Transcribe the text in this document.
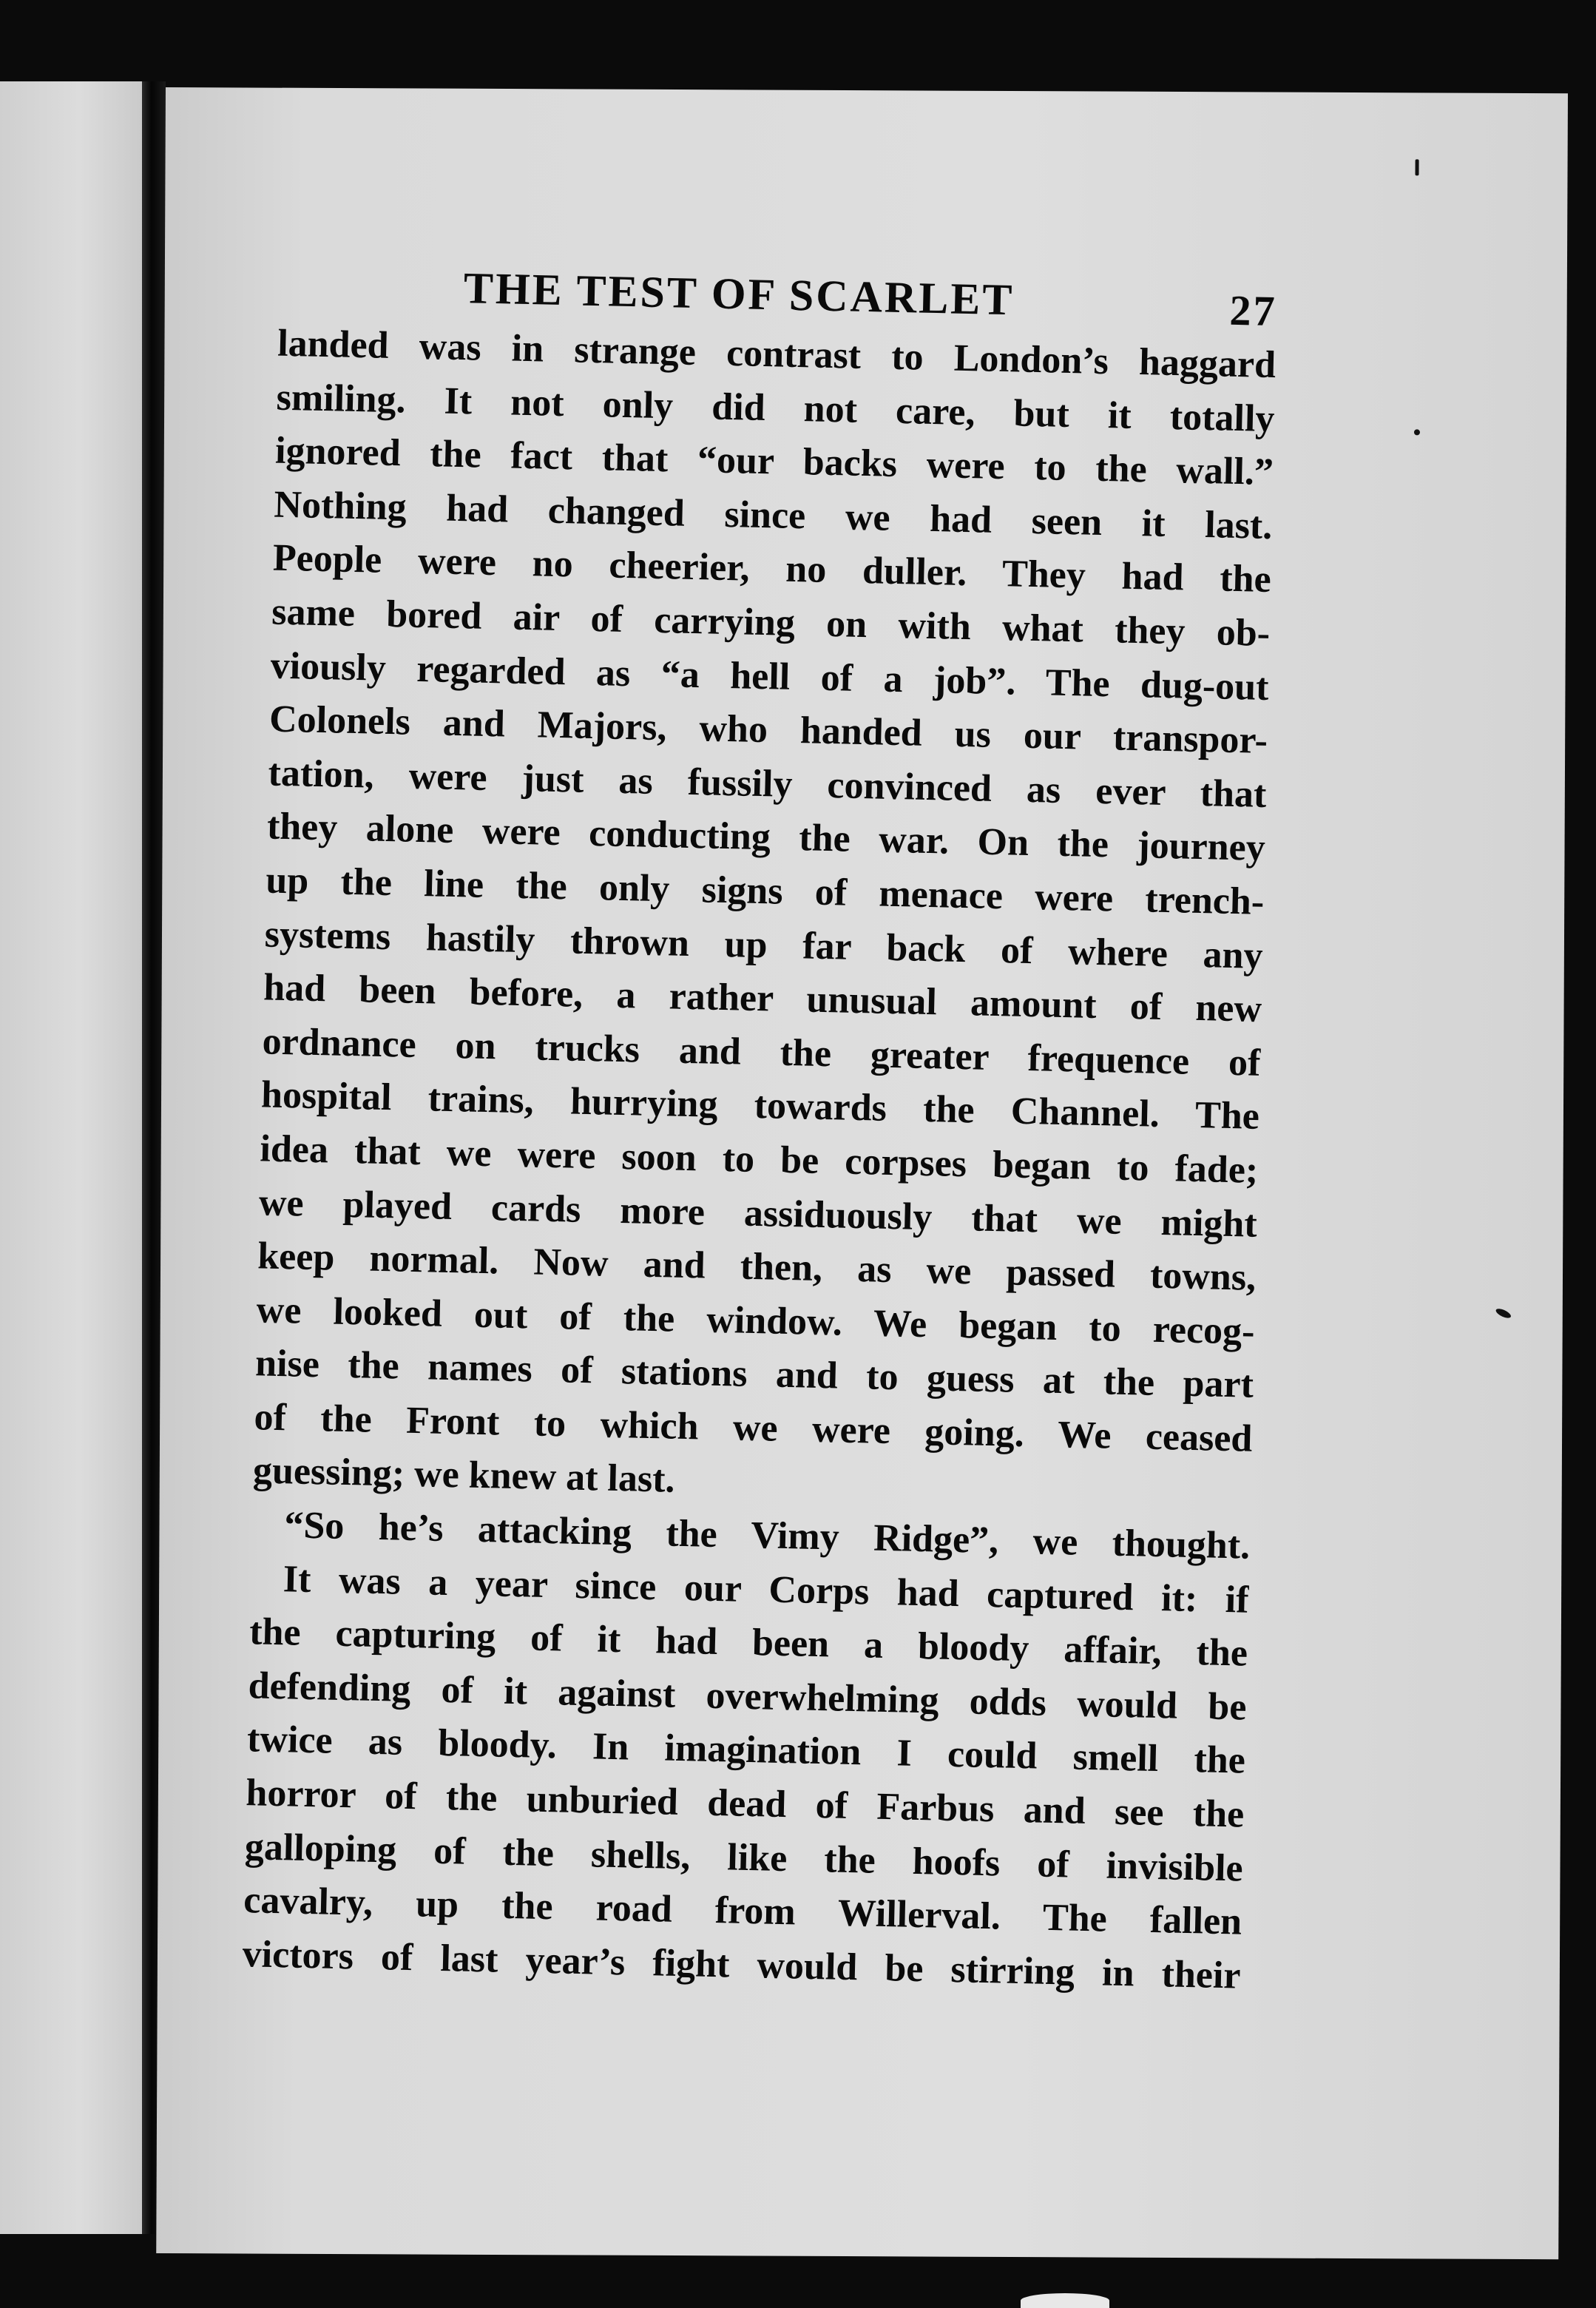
THE TEST OF SCARLET	27
landed was in strange contrast to London’s haggard
smiling. It not only did not care, but it totally
ignored the fact that “our backs were to the wall.”
Nothing had changed since we had seen it last.
People were no cheerier, no duller. They had the
same bored air of carrying on with what they ob-
viously regarded as “a hell of a job”. The dug-out
Colonels and Majors, who handed us our transpor-
tation, were just as fussily convinced as ever that
they alone were conducting the war. On the journey
up the line the only signs of menace were trench-
systems hastily thrown up far back of where any
had been before, a rather unusual amount of new
ordnance on trucks and the greater frequence of
hospital trains, hurrying towards the Channel. The
idea that we were soon to be corpses began to fade;
we played cards more assiduously that we might
keep normal. Now and then, as we passed towns,
we looked out of the window. We began to recog-
nise the names of stations and to guess at the part
of the Front to which we were going. We ceased
guessing; we knew at last.
“So he’s attacking the Vimy Ridge”, we thought.
It was a year since our Corps had captured it: if
the capturing of it had been a bloody affair, the
defending of it against overwhelming odds would be
twice as bloody. In imagination I could smell the
horror of the unburied dead of Farbus and see the
galloping of the shells, like the hoofs of invisible
cavalry, up the road from Willerval. The fallen
victors of last year’s fight would be stirring in their
